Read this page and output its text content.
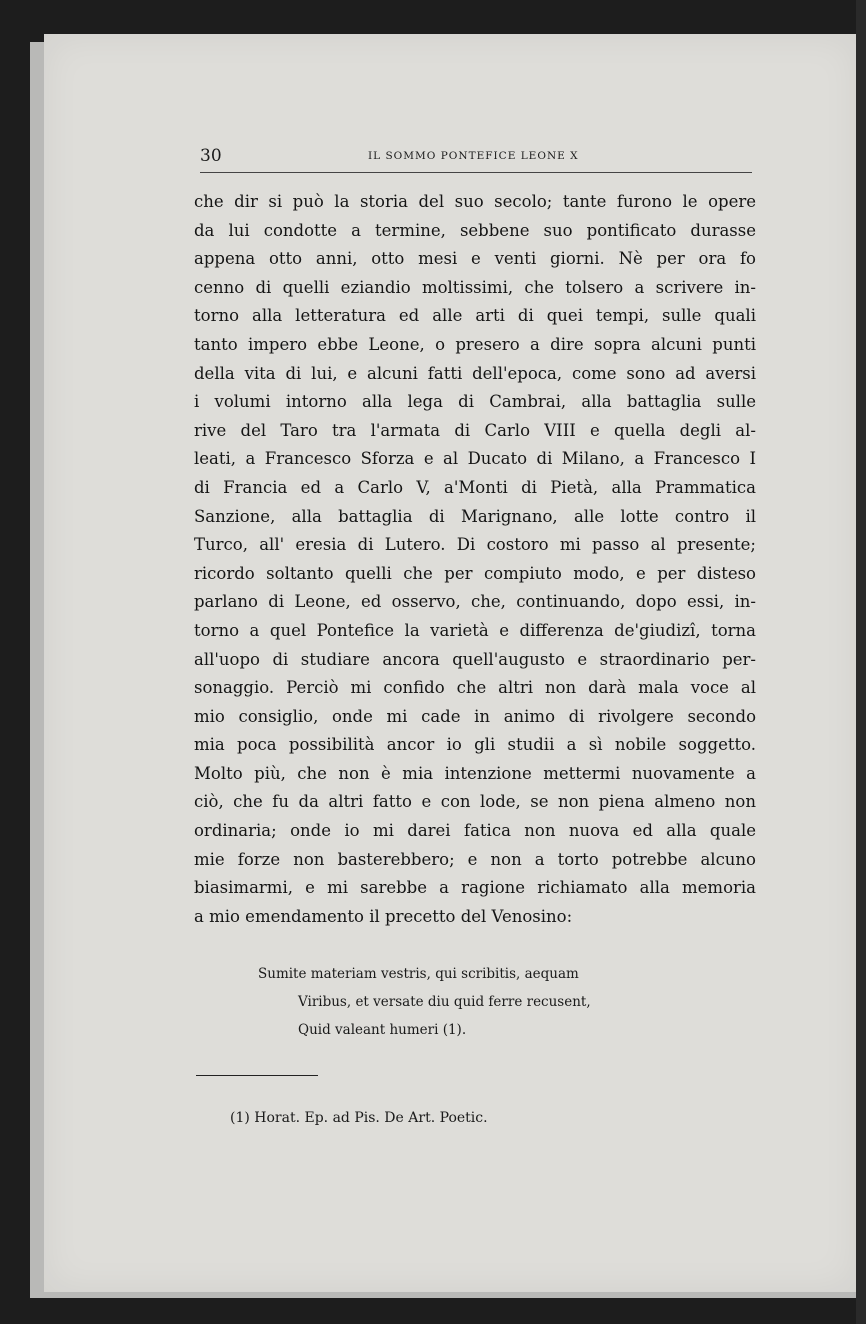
30	IL SOMMO PONTEFICE LEONE X
che dir si può la storia del suo secolo; tante furono le opere
da lui condotte a termine, sebbene suo pontificato durasse
appena otto anni, otto mesi e venti giorni. Nè per ora fo
cenno di quelli eziandio moltissimi, che tolsero a scrivere in-
torno alla letteratura ed alle arti di quei tempi, sulle quali
tanto impero ebbe Leone, o presero a dire sopra alcuni punti
della vita di lui, e alcuni fatti dell'epoca, come sono ad aversi
i volumi intorno alla lega di Cambrai, alla battaglia sulle
rive del Taro tra l'armata di Carlo VIII e quella degli al-
leati, a Francesco Sforza e al Ducato di Milano, a Francesco I
di Francia ed a Carlo V, a'Monti di Pietà, alla Prammatica
Sanzione, alla battaglia di Marignano, alle lotte contro il
Turco, all' eresia di Lutero. Di costoro mi passo al presente;
ricordo soltanto quelli che per compiuto modo, e per disteso
parlano di Leone, ed osservo, che, continuando, dopo essi, in-
torno a quel Pontefice la varietà e differenza de'giudizî, torna
all'uopo di studiare ancora quell'augusto e straordinario per-
sonaggio. Perciò mi confido che altri non darà mala voce al
mio consiglio, onde mi cade in animo di rivolgere secondo
mia poca possibilità ancor io gli studii a sì nobile soggetto.
Molto più, che non è mia intenzione mettermi nuovamente a
ciò, che fu da altri fatto e con lode, se non piena almeno non
ordinaria; onde io mi darei fatica non nuova ed alla quale
mie forze non basterebbero; e non a torto potrebbe alcuno
biasimarmi, e mi sarebbe a ragione richiamato alla memoria
a mio emendamento il precetto del Venosino:
Sumite materiam vestris, qui scribitis, aequam
Viribus, et versate diu quid ferre recusent,
Quid valeant humeri (1).
(1) Horat. Ep. ad Pis. De Art. Poetic.
